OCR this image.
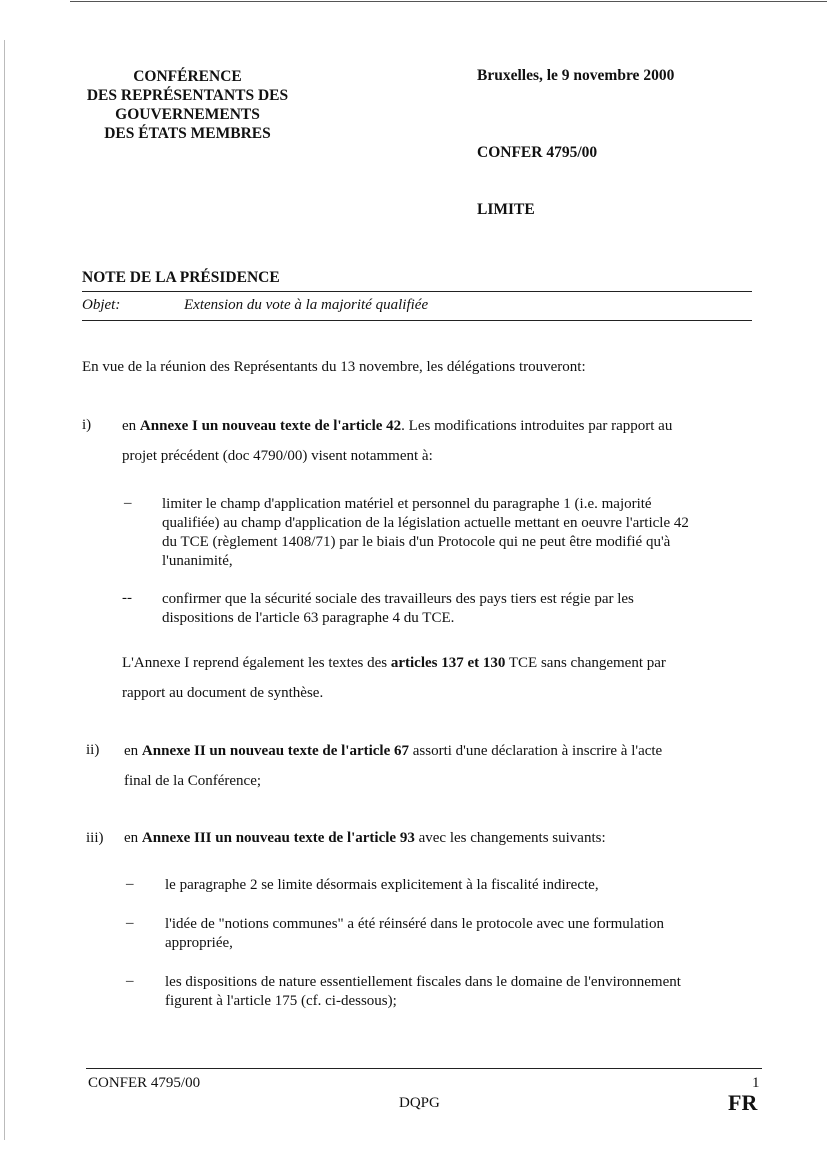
CONFÉRENCE
DES REPRÉSENTANTS DES
GOUVERNEMENTS
DES ÉTATS MEMBRES
Bruxelles, le 9 novembre 2000
CONFER 4795/00
LIMITE
NOTE DE LA PRÉSIDENCE
Objet:	Extension du vote à la majorité qualifiée
En vue de la réunion des Représentants du 13 novembre, les délégations trouveront:
i) en Annexe I un nouveau texte de l'article 42. Les modifications introduites par rapport au
projet précédent (doc 4790/00) visent notamment à:
– limiter le champ d'application matériel et personnel du paragraphe 1 (i.e. majorité
qualifiée) au champ d'application de la législation actuelle mettant en oeuvre l'article 42
du TCE (règlement 1408/71) par le biais d'un Protocole qui ne peut être modifié qu'à
l'unanimité,
-- confirmer que la sécurité sociale des travailleurs des pays tiers est régie par les
dispositions de l'article 63 paragraphe 4 du TCE.
L'Annexe I reprend également les textes des articles 137 et 130 TCE sans changement par
rapport au document de synthèse.
ii) en Annexe II un nouveau texte de l'article 67 assorti d'une déclaration à inscrire à l'acte
final de la Conférence;
iii) en Annexe III un nouveau texte de l'article 93 avec les changements suivants:
– le paragraphe 2 se limite désormais explicitement à la fiscalité indirecte,
– l'idée de "notions communes" a été réinséré dans le protocole avec une formulation
appropriée,
– les dispositions de nature essentiellement fiscales dans le domaine de l'environnement
figurent à l'article 175 (cf. ci-dessous);
CONFER 4795/00	1
DQPG	FR
